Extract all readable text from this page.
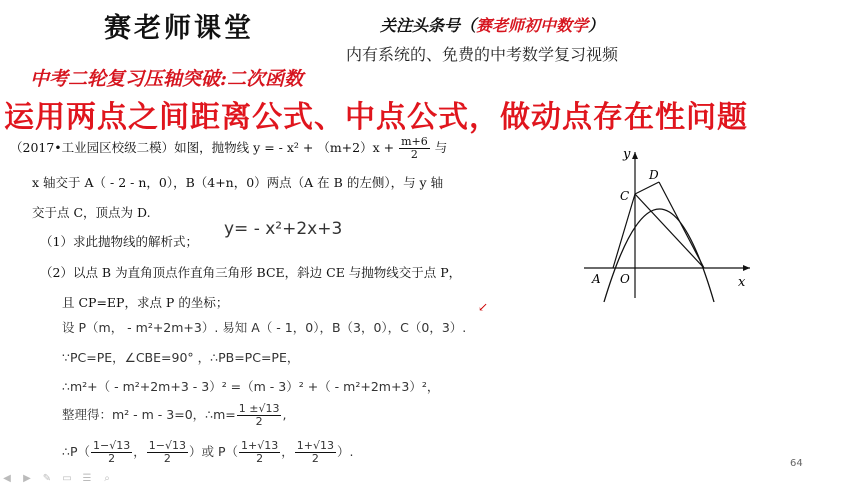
赛老师课堂	关注头条号（赛老师初中数学）
内有系统的、免费的中考数学复习视频
中考二轮复习压轴突破:二次函数
运用两点之间距离公式、中点公式，做动点存在性问题
（2017•工业园区校级二模）如图，抛物线 y = - $x^2 + (m+2)x + \frac{m+6}{2}$ 与
x 轴交于 A（ - 2 - n，0），B（4+n，0）两点（A 在 B 的左侧），与 y 轴
交于点 C，顶点为 D.
（1）求此抛物线的解析式；
y= - x²+2x+3
（2）以点 B 为直角顶点作直角三角形 BCE，斜边 CE 与抛物线交于点 P，
且 CP=EP，求点 P 的坐标；	↙
设 P（m， - m²+2m+3）. 易知 A（ - 1，0），B（3，0），C（0，3）.
∵PC=PE，∠CBE=90° ，∴PB=PC=PE，
∴m²+（ - m²+2m+3 - 3）² =（m - 3）² +（ - m²+2m+3）²，
整理得：m² - m - 3=0，∴m= $\frac{1 \pm√13}{2}$ ,
∴P（ $\frac{1-√13}{2}$ ， $\frac{1-√13}{2}$ ）或 $P( \frac{1+√13}{2}$ ， $\frac{1+√13}{2}$ ）.
y
x
O
A
C
D
64
◀	▶	✎ ▭ ☰	⌕
